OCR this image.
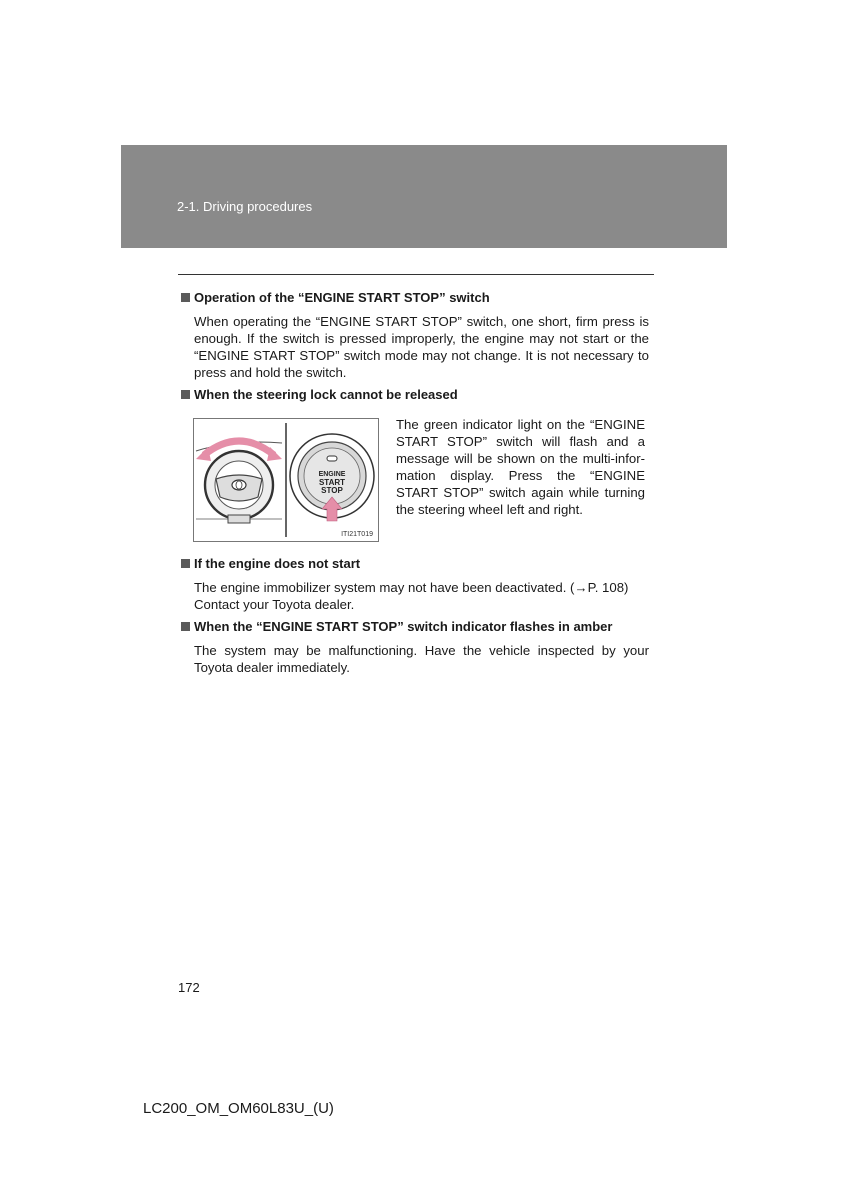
2-1. Driving procedures
Operation of the “ENGINE START STOP” switch
When operating the “ENGINE START STOP” switch, one short, firm press is
enough. If the switch is pressed improperly, the engine may not start or the
“ENGINE START STOP” switch mode may not change. It is not necessary to
press and hold the switch.
When the steering lock cannot be released
ENGINE
START
STOP
ITI21T019
The green indicator light on the “ENGINE
START STOP” switch will flash and a
message will be shown on the multi-infor-
mation display. Press the “ENGINE
START STOP” switch again while turning
the steering wheel left and right.
If the engine does not start
The engine immobilizer system may not have been deactivated. (→P. 108)
Contact your Toyota dealer.
When the “ENGINE START STOP” switch indicator flashes in amber
The system may be malfunctioning. Have the vehicle inspected by your
Toyota dealer immediately.
172
LC200_OM_OM60L83U_(U)
